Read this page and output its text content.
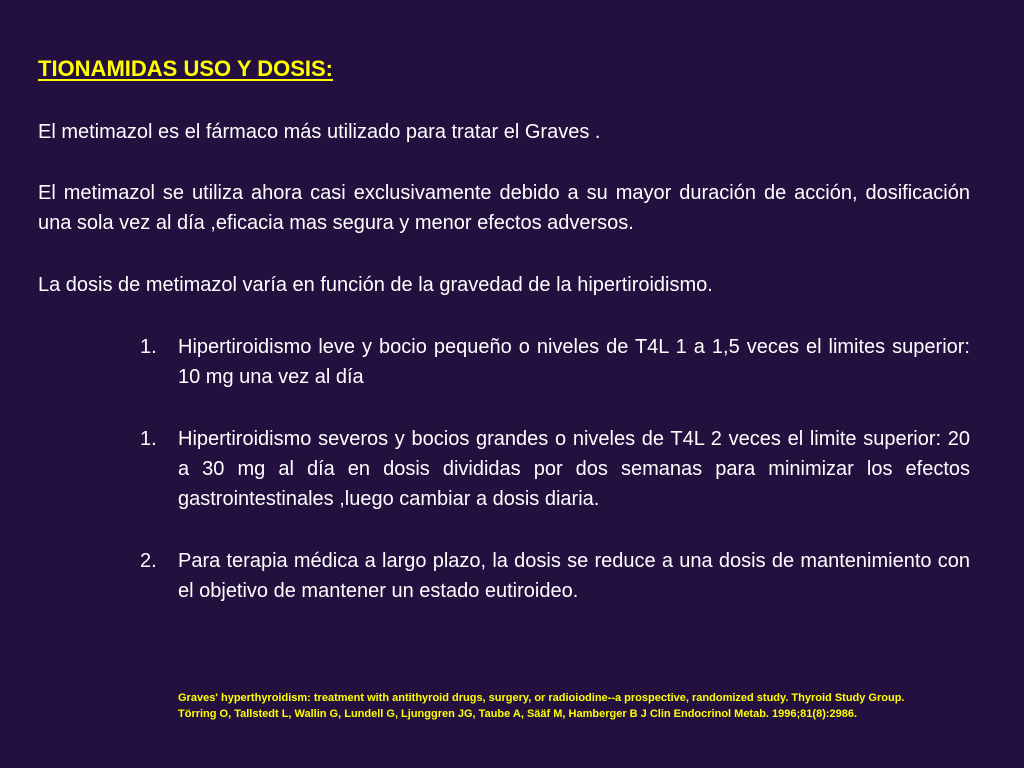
TIONAMIDAS USO Y DOSIS:

El metimazol es el fármaco más utilizado para tratar el Graves .

El metimazol se utiliza ahora casi exclusivamente debido a su mayor duración de acción, dosificación una sola vez al día ,eficacia mas segura y menor efectos adversos.

La dosis de metimazol varía en función de la gravedad de la hipertiroidismo.

1.	Hipertiroidismo leve y bocio pequeño o niveles de T4L 1 a 1,5 veces el limites superior: 10 mg una vez al día
1.	Hipertiroidismo severos y bocios grandes o niveles de T4L 2 veces el limite superior: 20 a 30 mg al día en dosis divididas por dos semanas para minimizar los efectos gastrointestinales ,luego cambiar a dosis diaria.
2.	Para terapia médica a largo plazo, la dosis se reduce a una dosis de mantenimiento con el objetivo de mantener un estado eutiroideo.
Graves' hyperthyroidism: treatment with antithyroid drugs, surgery, or radioiodine--a prospective, randomized study. Thyroid Study Group.
Törring O, Tallstedt L, Wallin G, Lundell G, Ljunggren JG, Taube A, Sääf M, Hamberger B J Clin Endocrinol Metab. 1996;81(8):2986.
